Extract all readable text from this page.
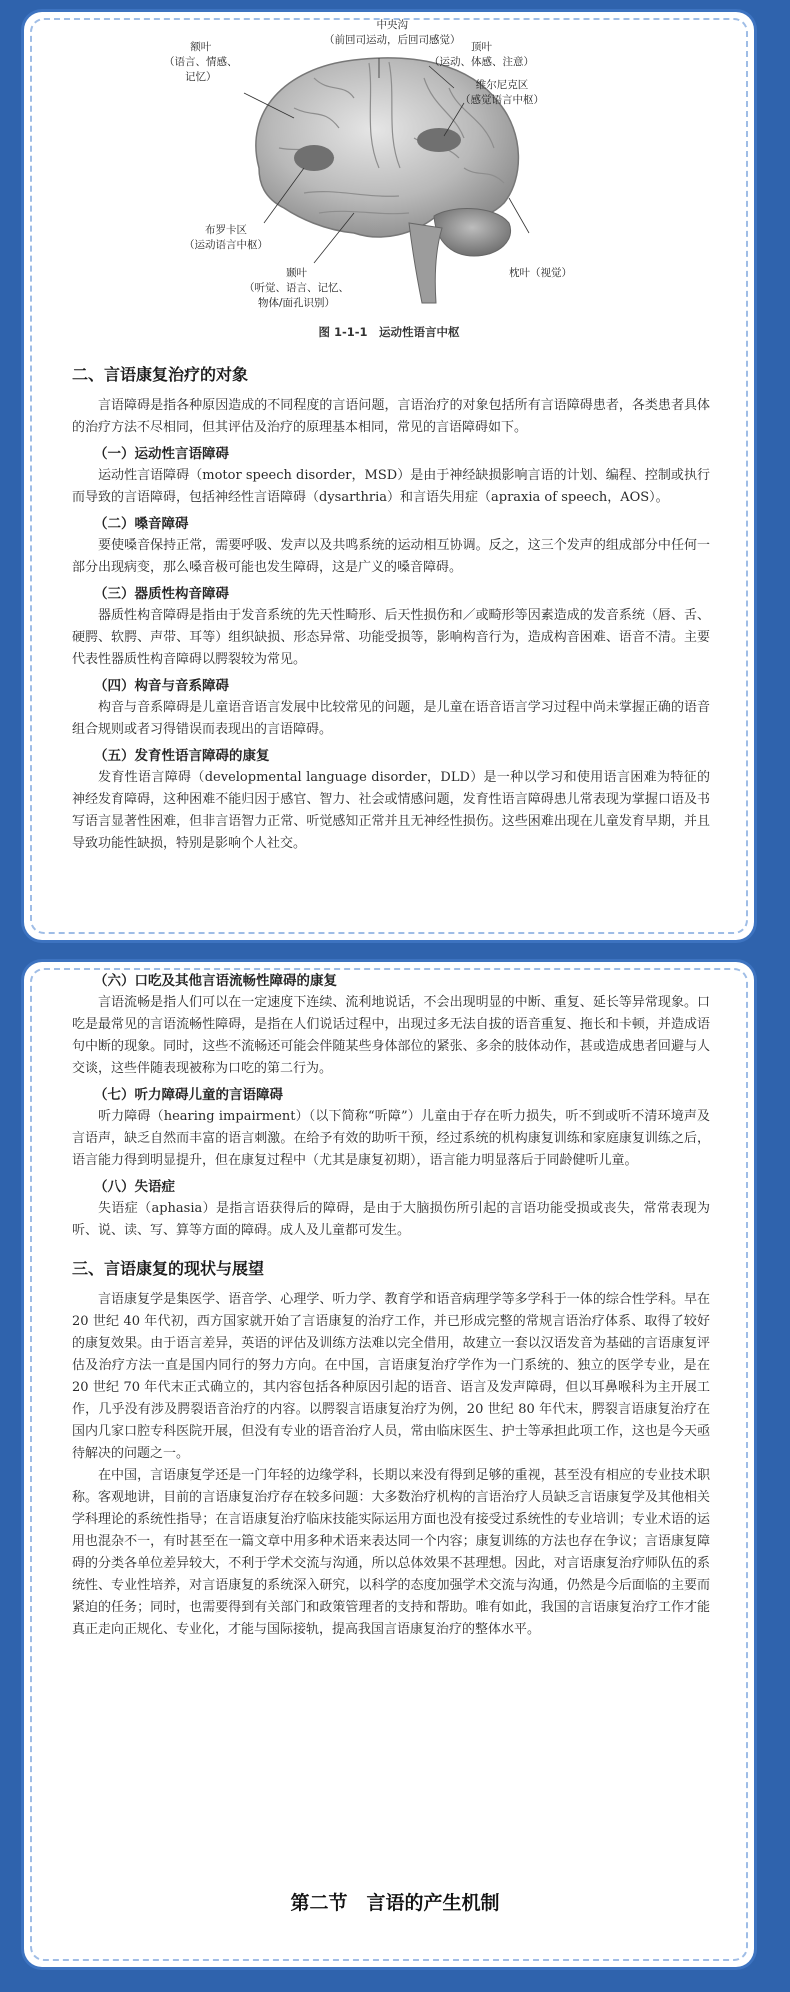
中央沟
（前回司运动，后回司感觉）
额叶
（语言、情感、
记忆）
顶叶
（运动、体感、注意）
维尔尼克区
（感觉语言中枢）
布罗卡区
（运动语言中枢）
颞叶
（听觉、语言、记忆、
物体/面孔识别）
枕叶（视觉）
图 1-1-1　运动性语言中枢
二、言语康复治疗的对象

言语障碍是指各种原因造成的不同程度的言语问题，言语治疗的对象包括所有言语障碍患者，各类患者具体的治疗方法不尽相同，但其评估及治疗的原理基本相同，常见的言语障碍如下。

（一）运动性言语障碍

运动性言语障碍（motor speech disorder，MSD）是由于神经缺损影响言语的计划、编程、控制或执行而导致的言语障碍，包括神经性言语障碍（dysarthria）和言语失用症（apraxia of speech，AOS）。

（二）嗓音障碍

要使嗓音保持正常，需要呼吸、发声以及共鸣系统的运动相互协调。反之，这三个发声的组成部分中任何一部分出现病变，那么嗓音极可能也发生障碍，这是广义的嗓音障碍。

（三）器质性构音障碍

器质性构音障碍是指由于发音系统的先天性畸形、后天性损伤和／或畸形等因素造成的发音系统（唇、舌、硬腭、软腭、声带、耳等）组织缺损、形态异常、功能受损等，影响构音行为，造成构音困难、语音不清。主要代表性器质性构音障碍以腭裂较为常见。

（四）构音与音系障碍

构音与音系障碍是儿童语音语言发展中比较常见的问题，是儿童在语音语言学习过程中尚未掌握正确的语音组合规则或者习得错误而表现出的言语障碍。

（五）发育性语言障碍的康复

发育性语言障碍（developmental language disorder，DLD）是一种以学习和使用语言困难为特征的神经发育障碍，这种困难不能归因于感官、智力、社会或情感问题，发育性语言障碍患儿常表现为掌握口语及书写语言显著性困难，但非言语智力正常、听觉感知正常并且无神经性损伤。这些困难出现在儿童发育早期，并且导致功能性缺损，特别是影响个人社交。

（六）口吃及其他言语流畅性障碍的康复

言语流畅是指人们可以在一定速度下连续、流利地说话，不会出现明显的中断、重复、延长等异常现象。口吃是最常见的言语流畅性障碍，是指在人们说话过程中，出现过多无法自拔的语音重复、拖长和卡顿，并造成语句中断的现象。同时，这些不流畅还可能会伴随某些身体部位的紧张、多余的肢体动作，甚或造成患者回避与人交谈，这些伴随表现被称为口吃的第二行为。

（七）听力障碍儿童的言语障碍

听力障碍（hearing impairment）（以下简称“听障”）儿童由于存在听力损失，听不到或听不清环境声及言语声，缺乏自然而丰富的语言刺激。在给予有效的助听干预，经过系统的机构康复训练和家庭康复训练之后，语言能力得到明显提升，但在康复过程中（尤其是康复初期），语言能力明显落后于同龄健听儿童。

（八）失语症

失语症（aphasia）是指言语获得后的障碍，是由于大脑损伤所引起的言语功能受损或丧失，常常表现为听、说、读、写、算等方面的障碍。成人及儿童都可发生。

三、言语康复的现状与展望

言语康复学是集医学、语音学、心理学、听力学、教育学和语音病理学等多学科于一体的综合性学科。早在 20 世纪 40 年代初，西方国家就开始了言语康复的治疗工作，并已形成完整的常规言语治疗体系、取得了较好的康复效果。由于语言差异，英语的评估及训练方法难以完全借用，故建立一套以汉语发音为基础的言语康复评估及治疗方法一直是国内同行的努力方向。在中国，言语康复治疗学作为一门系统的、独立的医学专业，是在 20 世纪 70 年代末正式确立的，其内容包括各种原因引起的语音、语言及发声障碍，但以耳鼻喉科为主开展工作，几乎没有涉及腭裂语音治疗的内容。以腭裂言语康复治疗为例，20 世纪 80 年代末，腭裂言语康复治疗在国内几家口腔专科医院开展，但没有专业的语音治疗人员，常由临床医生、护士等承担此项工作，这也是今天亟待解决的问题之一。

在中国，言语康复学还是一门年轻的边缘学科，长期以来没有得到足够的重视，甚至没有相应的专业技术职称。客观地讲，目前的言语康复治疗存在较多问题：大多数治疗机构的言语治疗人员缺乏言语康复学及其他相关学科理论的系统性指导；在言语康复治疗临床技能实际运用方面也没有接受过系统性的专业培训；专业术语的运用也混杂不一，有时甚至在一篇文章中用多种术语来表达同一个内容；康复训练的方法也存在争议；言语康复障碍的分类各单位差异较大，不利于学术交流与沟通，所以总体效果不甚理想。因此，对言语康复治疗师队伍的系统性、专业性培养，对言语康复的系统深入研究，以科学的态度加强学术交流与沟通，仍然是今后面临的主要而紧迫的任务；同时，也需要得到有关部门和政策管理者的支持和帮助。唯有如此，我国的言语康复治疗工作才能真正走向正规化、专业化，才能与国际接轨，提高我国言语康复治疗的整体水平。

第二节　言语的产生机制
